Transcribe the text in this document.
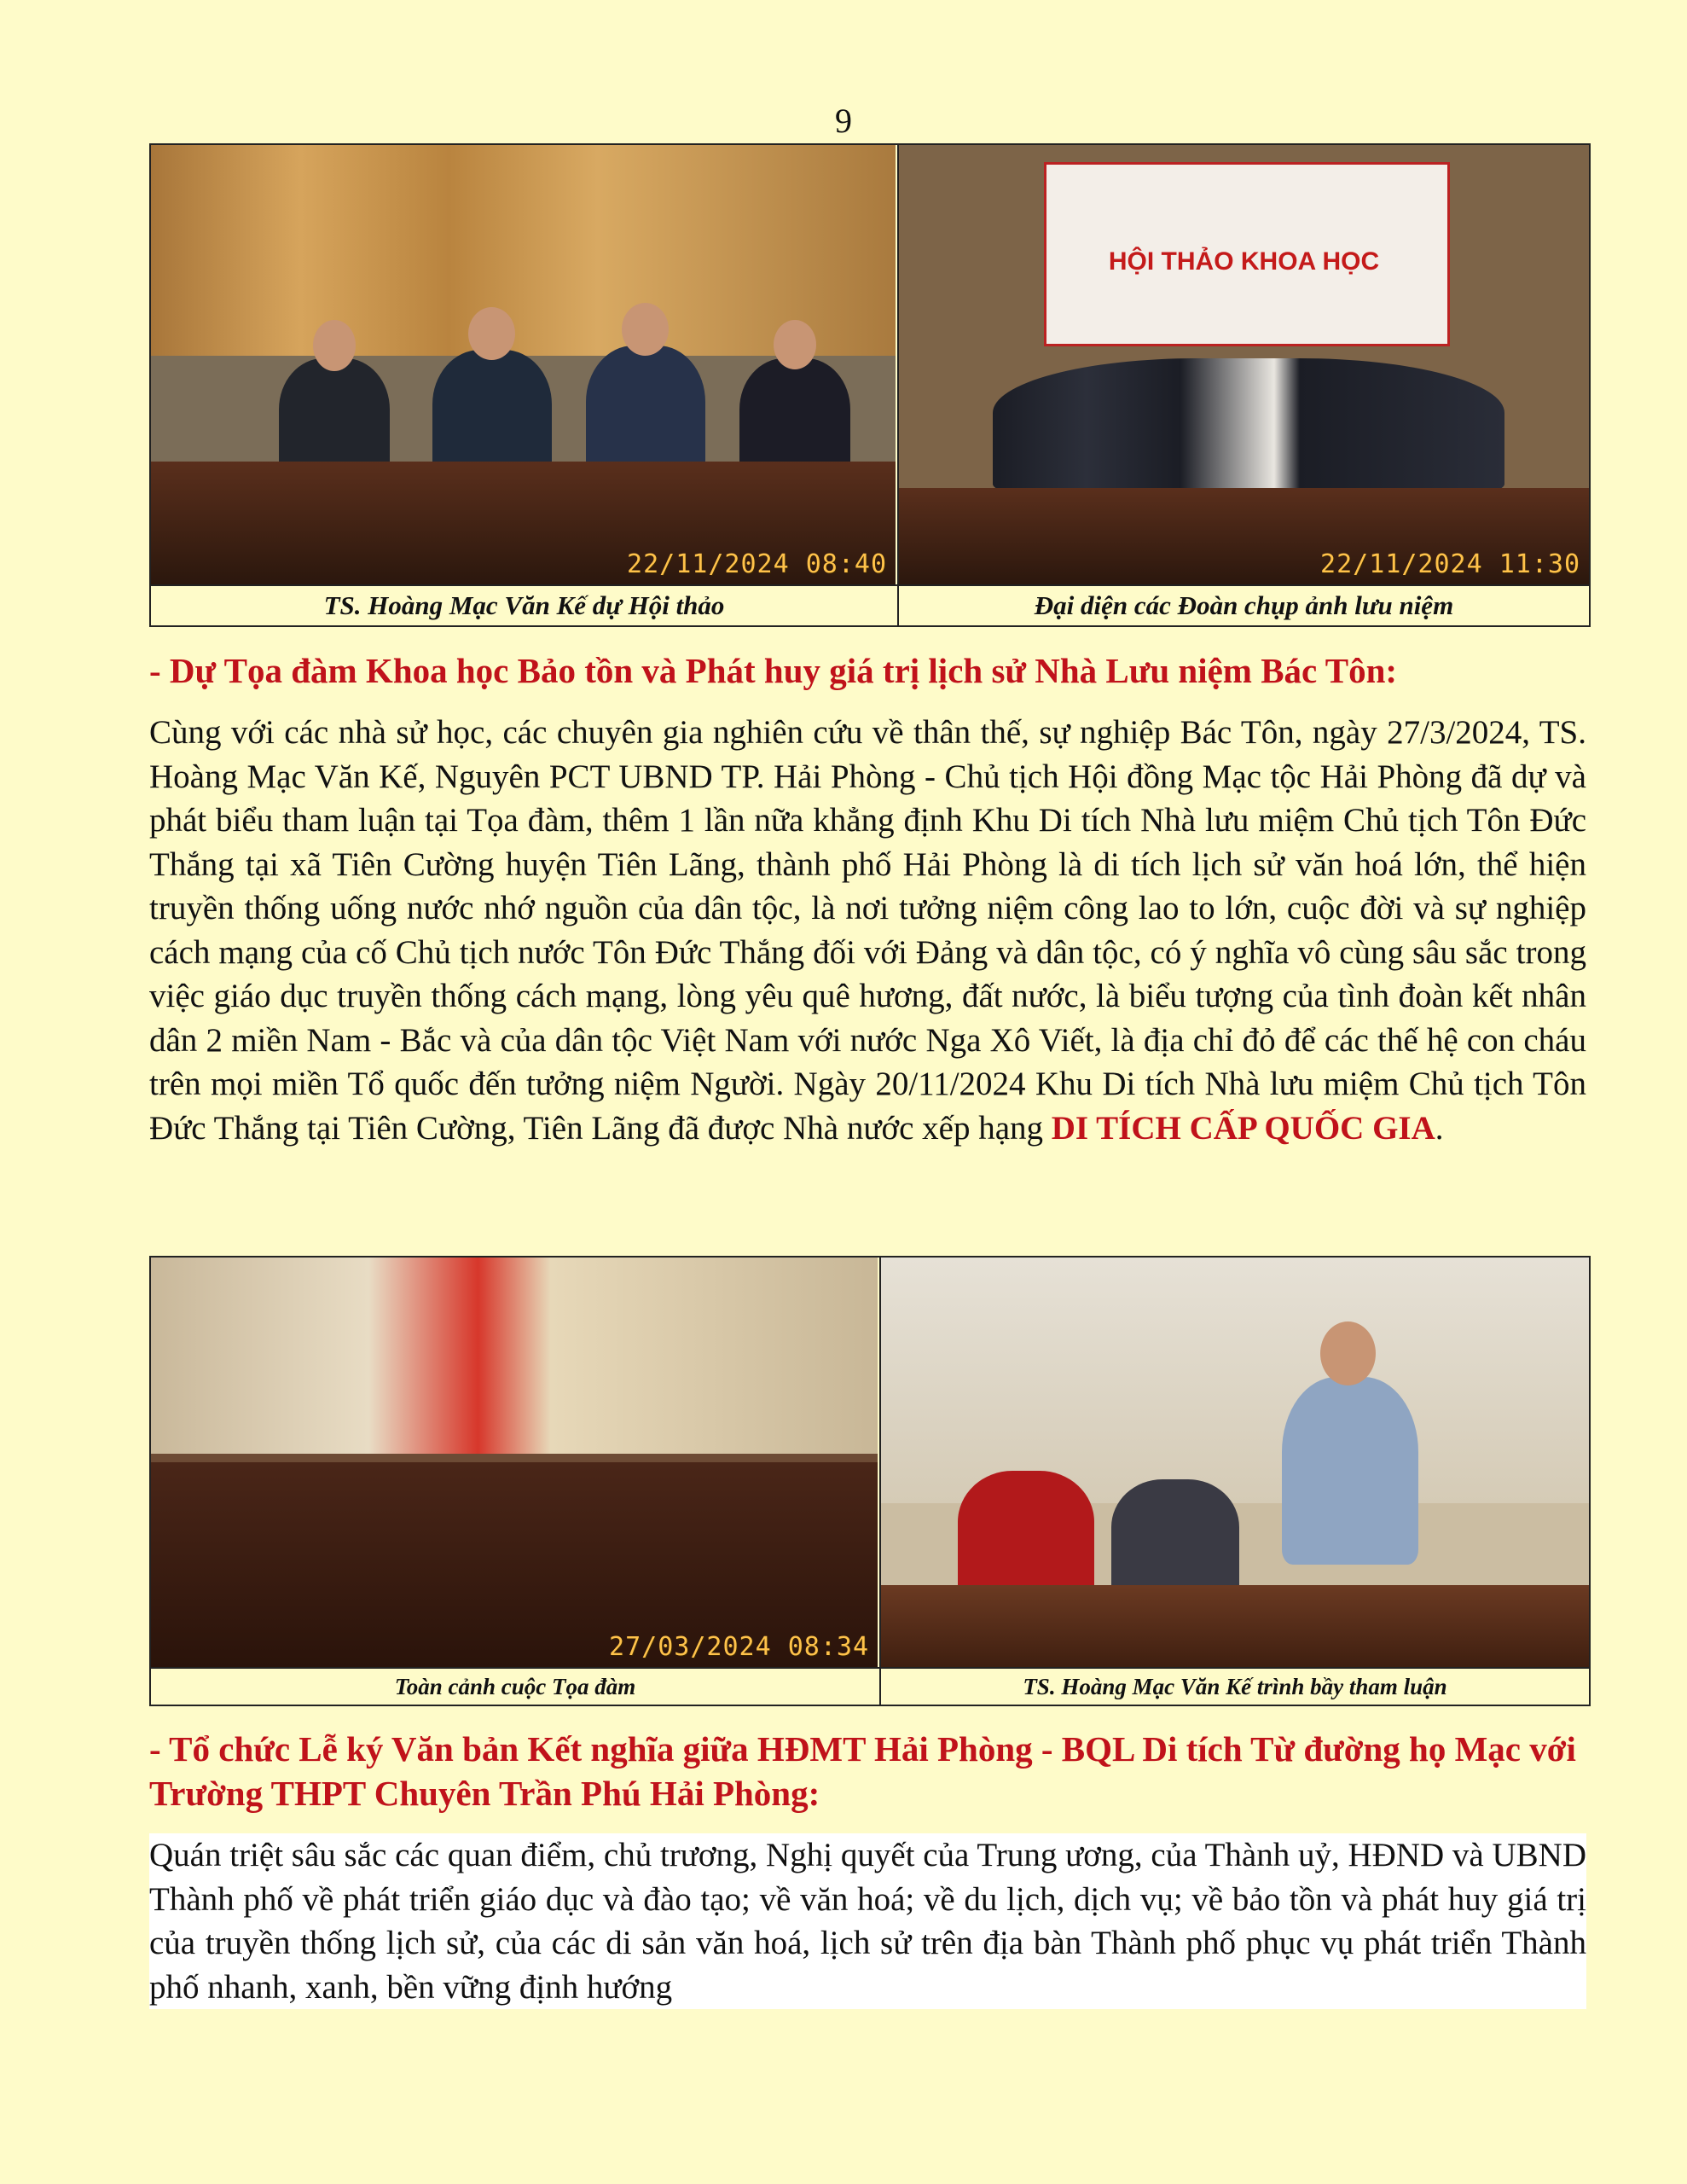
9
22/11/2024 08:40	HỘI THẢO KHOA HỌC
22/11/2024 11:30

TS. Hoàng Mạc Văn Kế dự Hội thảo	Đại diện các Đoàn chụp ảnh lưu niệm
- Dự Tọa đàm Khoa học Bảo tồn và Phát huy giá trị lịch sử Nhà Lưu niệm Bác Tôn:
Cùng với các nhà sử học, các chuyên gia nghiên cứu về thân thế, sự nghiệp Bác Tôn, ngày 27/3/2024, TS. Hoàng Mạc Văn Kế, Nguyên PCT UBND TP. Hải Phòng - Chủ tịch Hội đồng Mạc tộc Hải Phòng đã dự và phát biểu tham luận tại Tọa đàm, thêm 1 lần nữa khẳng định Khu Di tích Nhà lưu miệm Chủ tịch Tôn Đức Thắng tại xã Tiên Cường huyện Tiên Lãng, thành phố Hải Phòng là di tích lịch sử văn hoá lớn, thể hiện truyền thống uống nước nhớ nguồn của dân tộc, là nơi tưởng niệm công lao to lớn, cuộc đời và sự nghiệp cách mạng của cố Chủ tịch nước Tôn Đức Thắng đối với Đảng và dân tộc, có ý nghĩa vô cùng sâu sắc trong việc giáo dục truyền thống cách mạng, lòng yêu quê hương, đất nước, là biểu tượng của tình đoàn kết nhân dân 2 miền Nam - Bắc và của dân tộc Việt Nam với nước Nga Xô Viết, là địa chỉ đỏ để các thế hệ con cháu trên mọi miền Tổ quốc đến tưởng niệm Người. Ngày 20/11/2024 Khu Di tích Nhà lưu miệm Chủ tịch Tôn Đức Thắng tại Tiên Cường, Tiên Lãng đã được Nhà nước xếp hạng DI TÍCH CẤP QUỐC GIA.
27/03/2024 08:34	

Toàn cảnh cuộc Tọa đàm	TS. Hoàng Mạc Văn Kế trình bầy tham luận
- Tổ chức Lễ ký Văn bản Kết nghĩa giữa HĐMT Hải Phòng - BQL Di tích Từ đường họ Mạc với Trường THPT Chuyên Trần Phú Hải Phòng:
Quán triệt sâu sắc các quan điểm, chủ trương, Nghị quyết của Trung ương, của Thành uỷ, HĐND và UBND Thành phố về phát triển giáo dục và đào tạo; về văn hoá; về du lịch, dịch vụ; về bảo tồn và phát huy giá trị của truyền thống lịch sử, của các di sản văn hoá, lịch sử trên địa bàn Thành phố phục vụ phát triển Thành phố nhanh, xanh, bền vững định hướng
